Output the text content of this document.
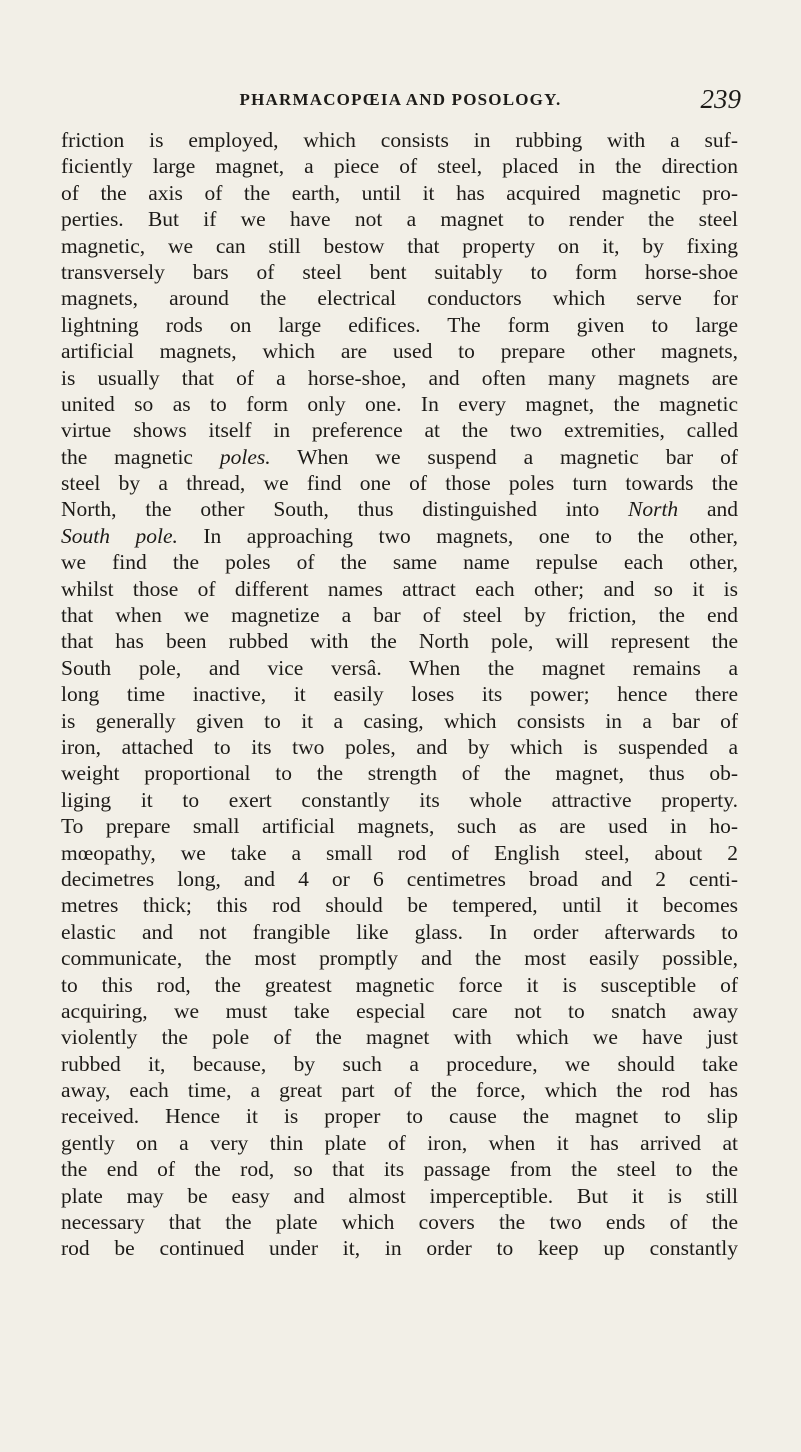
PHARMACOPŒIA AND POSOLOGY.	239
friction is employed, which consists in rubbing with a suf-
ficiently large magnet, a piece of steel, placed in the direction
of the axis of the earth, until it has acquired magnetic pro-
perties. But if we have not a magnet to render the steel
magnetic, we can still bestow that property on it, by fixing
transversely bars of steel bent suitably to form horse-shoe
magnets, around the electrical conductors which serve for
lightning rods on large edifices. The form given to large
artificial magnets, which are used to prepare other magnets,
is usually that of a horse-shoe, and often many magnets are
united so as to form only one. In every magnet, the magnetic
virtue shows itself in preference at the two extremities, called
the magnetic poles. When we suspend a magnetic bar of
steel by a thread, we find one of those poles turn towards the
North, the other South, thus distinguished into North and
South pole. In approaching two magnets, one to the other,
we find the poles of the same name repulse each other,
whilst those of different names attract each other; and so it is
that when we magnetize a bar of steel by friction, the end
that has been rubbed with the North pole, will represent the
South pole, and vice versâ. When the magnet remains a
long time inactive, it easily loses its power; hence there
is generally given to it a casing, which consists in a bar of
iron, attached to its two poles, and by which is suspended a
weight proportional to the strength of the magnet, thus ob-
liging it to exert constantly its whole attractive property.
To prepare small artificial magnets, such as are used in ho-
mœopathy, we take a small rod of English steel, about 2
decimetres long, and 4 or 6 centimetres broad and 2 centi-
metres thick; this rod should be tempered, until it becomes
elastic and not frangible like glass. In order afterwards to
communicate, the most promptly and the most easily possible,
to this rod, the greatest magnetic force it is susceptible of
acquiring, we must take especial care not to snatch away
violently the pole of the magnet with which we have just
rubbed it, because, by such a procedure, we should take
away, each time, a great part of the force, which the rod has
received. Hence it is proper to cause the magnet to slip
gently on a very thin plate of iron, when it has arrived at
the end of the rod, so that its passage from the steel to the
plate may be easy and almost imperceptible. But it is still
necessary that the plate which covers the two ends of the
rod be continued under it, in order to keep up constantly
